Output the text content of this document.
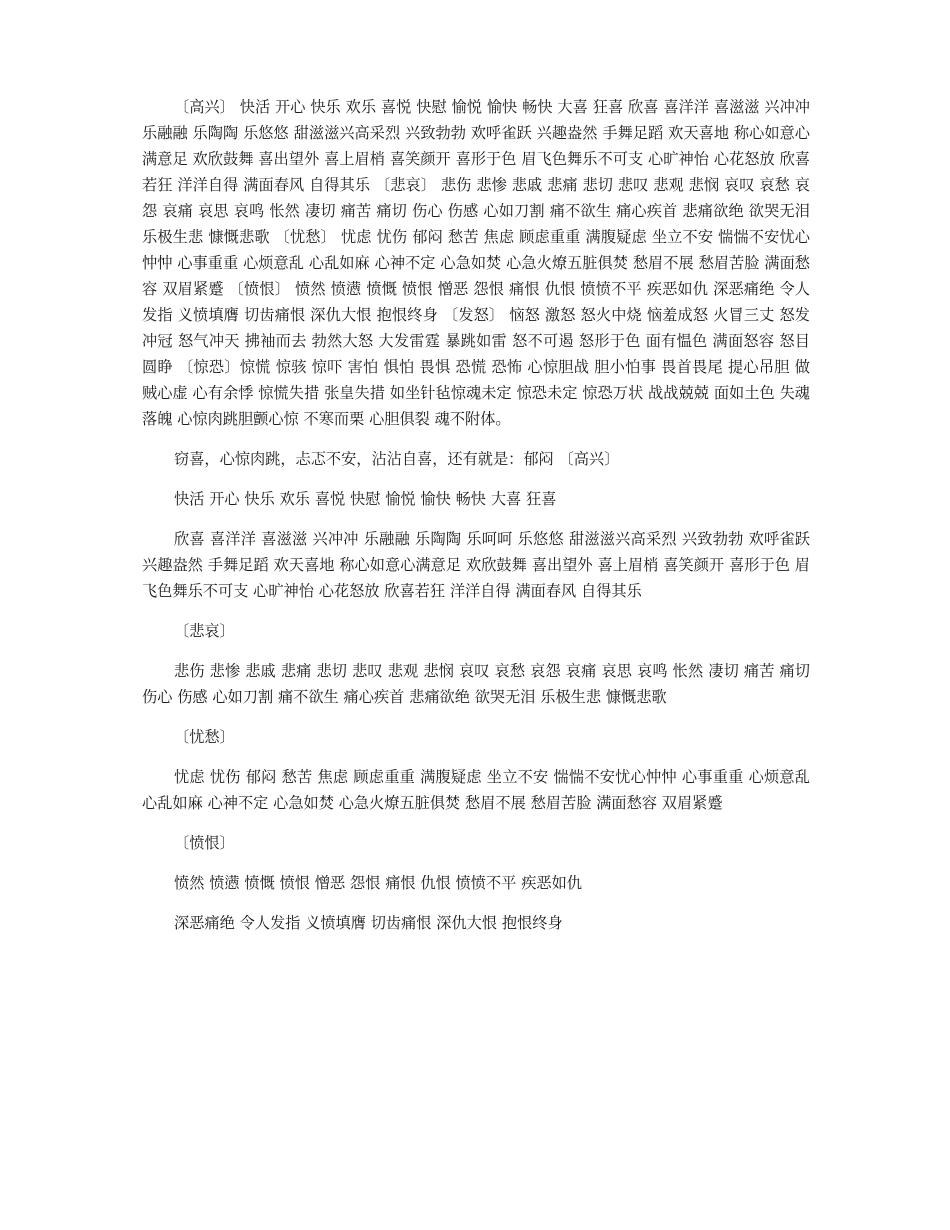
〔高兴〕 快活 开心 快乐 欢乐 喜悦 快慰 愉悦 愉快 畅快 大喜 狂喜 欣喜 喜洋洋 喜滋滋 兴冲冲 乐融融 乐陶陶 乐悠悠 甜滋滋兴高采烈 兴致勃勃 欢呼雀跃 兴趣盎然 手舞足蹈 欢天喜地 称心如意心满意足 欢欣鼓舞 喜出望外 喜上眉梢 喜笑颜开 喜形于色 眉飞色舞乐不可支 心旷神怡 心花怒放 欣喜若狂 洋洋自得 满面春风 自得其乐 〔悲哀〕 悲伤 悲惨 悲戚 悲痛 悲切 悲叹 悲观 悲悯 哀叹 哀愁 哀怨 哀痛 哀思 哀鸣 怅然 凄切 痛苦 痛切 伤心 伤感 心如刀割 痛不欲生 痛心疾首 悲痛欲绝 欲哭无泪 乐极生悲 慷慨悲歌 〔忧愁〕 忧虑 忧伤 郁闷 愁苦 焦虑 顾虑重重 满腹疑虑 坐立不安 惴惴不安忧心忡忡 心事重重 心烦意乱 心乱如麻 心神不定 心急如焚 心急火燎五脏俱焚 愁眉不展 愁眉苦脸 满面愁容 双眉紧蹙 〔愤恨〕 愤然 愤懑 愤慨 愤恨 憎恶 怨恨 痛恨 仇恨 愤愤不平 疾恶如仇 深恶痛绝 令人发指 义愤填膺 切齿痛恨 深仇大恨 抱恨终身 〔发怒〕 恼怒 激怒 怒火中烧 恼羞成怒 火冒三丈 怒发冲冠 怒气冲天 拂袖而去 勃然大怒 大发雷霆 暴跳如雷 怒不可遏 怒形于色 面有愠色 满面怒容 怒目圆睁 〔惊恐〕惊慌 惊骇 惊吓 害怕 惧怕 畏惧 恐慌 恐怖 心惊胆战 胆小怕事 畏首畏尾 提心吊胆 做贼心虚 心有余悸 惊慌失措 张皇失措 如坐针毡惊魂未定 惊恐未定 惊恐万状 战战兢兢 面如土色 失魂落魄 心惊肉跳胆颤心惊 不寒而栗 心胆俱裂 魂不附体。

窃喜，心惊肉跳，忐忑不安，沾沾自喜，还有就是：郁闷 〔高兴〕

快活 开心 快乐 欢乐 喜悦 快慰 愉悦 愉快 畅快 大喜 狂喜

欣喜 喜洋洋 喜滋滋 兴冲冲 乐融融 乐陶陶 乐呵呵 乐悠悠 甜滋滋兴高采烈 兴致勃勃 欢呼雀跃 兴趣盎然 手舞足蹈 欢天喜地 称心如意心满意足 欢欣鼓舞 喜出望外 喜上眉梢 喜笑颜开 喜形于色 眉飞色舞乐不可支 心旷神怡 心花怒放 欣喜若狂 洋洋自得 满面春风 自得其乐

〔悲哀〕

悲伤 悲惨 悲戚 悲痛 悲切 悲叹 悲观 悲悯 哀叹 哀愁 哀怨 哀痛 哀思 哀鸣 怅然 凄切 痛苦 痛切 伤心 伤感 心如刀割 痛不欲生 痛心疾首 悲痛欲绝 欲哭无泪 乐极生悲 慷慨悲歌

〔忧愁〕

忧虑 忧伤 郁闷 愁苦 焦虑 顾虑重重 满腹疑虑 坐立不安 惴惴不安忧心忡忡 心事重重 心烦意乱 心乱如麻 心神不定 心急如焚 心急火燎五脏俱焚 愁眉不展 愁眉苦脸 满面愁容 双眉紧蹙

〔愤恨〕

愤然 愤懑 愤慨 愤恨 憎恶 怨恨 痛恨 仇恨 愤愤不平 疾恶如仇

深恶痛绝 令人发指 义愤填膺 切齿痛恨 深仇大恨 抱恨终身
